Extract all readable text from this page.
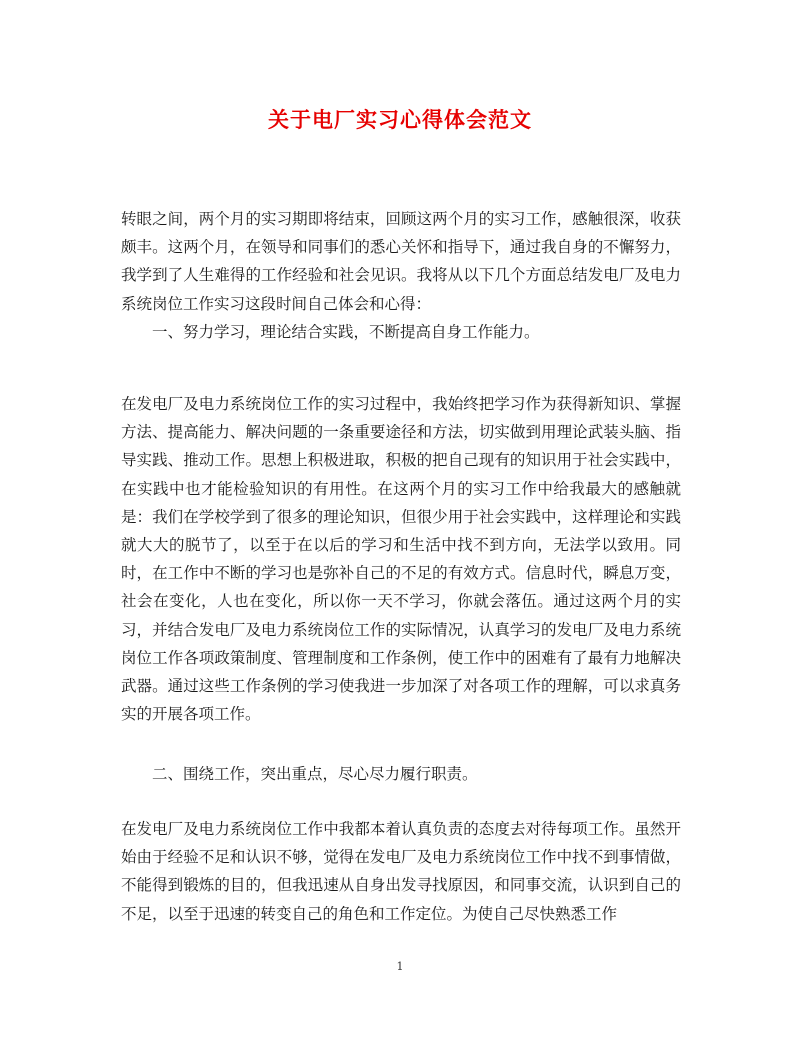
关于电厂实习心得体会范文

转眼之间，两个月的实习期即将结束，回顾这两个月的实习工作，感触很深，收获颇丰。这两个月，在领导和同事们的悉心关怀和指导下，通过我自身的不懈努力，我学到了人生难得的工作经验和社会见识。我将从以下几个方面总结发电厂及电力系统岗位工作实习这段时间自己体会和心得：

一、努力学习，理论结合实践，不断提高自身工作能力。

在发电厂及电力系统岗位工作的实习过程中，我始终把学习作为获得新知识、掌握方法、提高能力、解决问题的一条重要途径和方法，切实做到用理论武装头脑、指导实践、推动工作。思想上积极进取，积极的把自己现有的知识用于社会实践中，在实践中也才能检验知识的有用性。在这两个月的实习工作中给我最大的感触就是：我们在学校学到了很多的理论知识，但很少用于社会实践中，这样理论和实践就大大的脱节了，以至于在以后的学习和生活中找不到方向，无法学以致用。同时，在工作中不断的学习也是弥补自己的不足的有效方式。信息时代，瞬息万变，社会在变化，人也在变化，所以你一天不学习，你就会落伍。通过这两个月的实习，并结合发电厂及电力系统岗位工作的实际情况，认真学习的发电厂及电力系统岗位工作各项政策制度、管理制度和工作条例，使工作中的困难有了最有力地解决武器。通过这些工作条例的学习使我进一步加深了对各项工作的理解，可以求真务实的开展各项工作。

二、围绕工作，突出重点，尽心尽力履行职责。

在发电厂及电力系统岗位工作中我都本着认真负责的态度去对待每项工作。虽然开始由于经验不足和认识不够，觉得在发电厂及电力系统岗位工作中找不到事情做，不能得到锻炼的目的，但我迅速从自身出发寻找原因，和同事交流，认识到自己的不足，以至于迅速的转变自己的角色和工作定位。为使自己尽快熟悉工作

1
